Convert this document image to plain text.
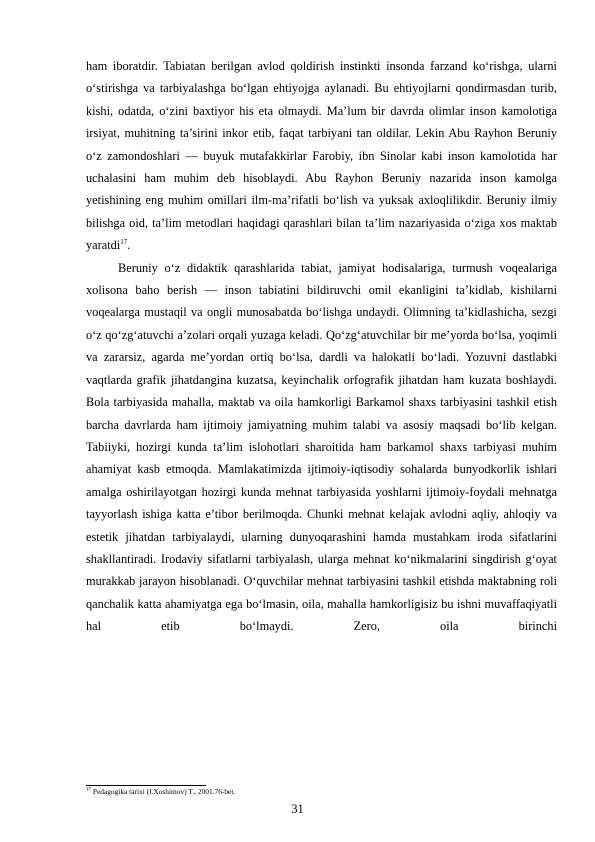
ham iboratdir. Tabiatan berilgan avlod qoldirish instinkti insonda farzand ko‘rishga, ularni o‘stirishga va tarbiyalashga bo‘lgan ehtiyojga aylanadi. Bu ehtiyojlarni qondirmasdan turib, kishi, odatda, o‘zini baxtiyor his eta olmaydi. Ma’lum bir davrda olimlar inson kamolotiga irsiyat, muhitning ta’sirini inkor etib, faqat tarbiyani tan oldilar. Lekin Abu Rayhon Beruniy o‘z zamondoshlari — buyuk mutafakkirlar Farobiy, ibn Sinolar kabi inson kamolotida har uchalasini ham muhim deb hisoblaydi. Abu Rayhon Beruniy nazarida inson kamolga yetishining eng muhim omillari ilm-ma’rifatli bo‘lish va yuksak axloqlilikdir. Beruniy ilmiy bilishga oid, ta’lim metodlari haqidagi qarashlari bilan ta’lim nazariyasida o‘ziga xos maktab yaratdi$^{17}$.

Beruniy o‘z didaktik qarashlarida tabiat, jamiyat hodisalariga, turmush voqealariga xolisona baho berish — inson tabiatini bildiruvchi omil ekanligini ta’kidlab, kishilarni voqealarga mustaqil va ongli munosabatda bo‘lishga undaydi. Olimning ta’kidlashicha, sezgi o‘z qo‘zg‘atuvchi a’zolari orqali yuzaga keladi. Qo‘zg‘atuvchilar bir me’yorda bo‘lsa, yoqimli va zararsiz, agarda me’yordan ortiq bo‘lsa, dardli va halokatli bo‘ladi. Yozuvni dastlabki vaqtlarda grafik jihatdangina kuzatsa, keyinchalik orfografik jihatdan ham kuzata boshlaydi. Bola tarbiyasida mahalla, maktab va oila hamkorligi Barkamol shaxs tarbiyasini tashkil etish barcha davrlarda ham ijtimoiy jamiyatning muhim talabi va asosiy maqsadi bo‘lib kelgan. Tabiiyki, hozirgi kunda ta’lim islohotlari sharoitida ham barkamol shaxs tarbiyasi muhim ahamiyat kasb etmoqda. Mamlakatimizda ijtimoiy-iqtisodiy sohalarda bunyodkorlik ishlari amalga oshirilayotgan hozirgi kunda mehnat tarbiyasida yoshlarni ijtimoiy-foydali mehnatga tayyorlash ishiga katta e’tibor berilmoqda. Chunki mehnat kelajak avlodni aqliy, ahloqiy va estetik jihatdan tarbiyalaydi, ularning dunyoqarashini hamda mustahkam iroda sifatlarini shakllantiradi. Irodaviy sifatlarni tarbiyalash, ularga mehnat ko‘nikmalarini singdirish g‘oyat murakkab jarayon hisoblanadi. O‘quvchilar mehnat tarbiyasini tashkil etishda maktabning roli qanchalik katta ahamiyatga ega bo‘lmasin, oila, mahalla hamkorligisiz bu ishni muvaffaqiyatli hal etib bo‘lmaydi. Zero, oila birinchi

$^{17}$ Pedagogika tarixi (I.Xoshimov) T., 2001.76-bet.
31
